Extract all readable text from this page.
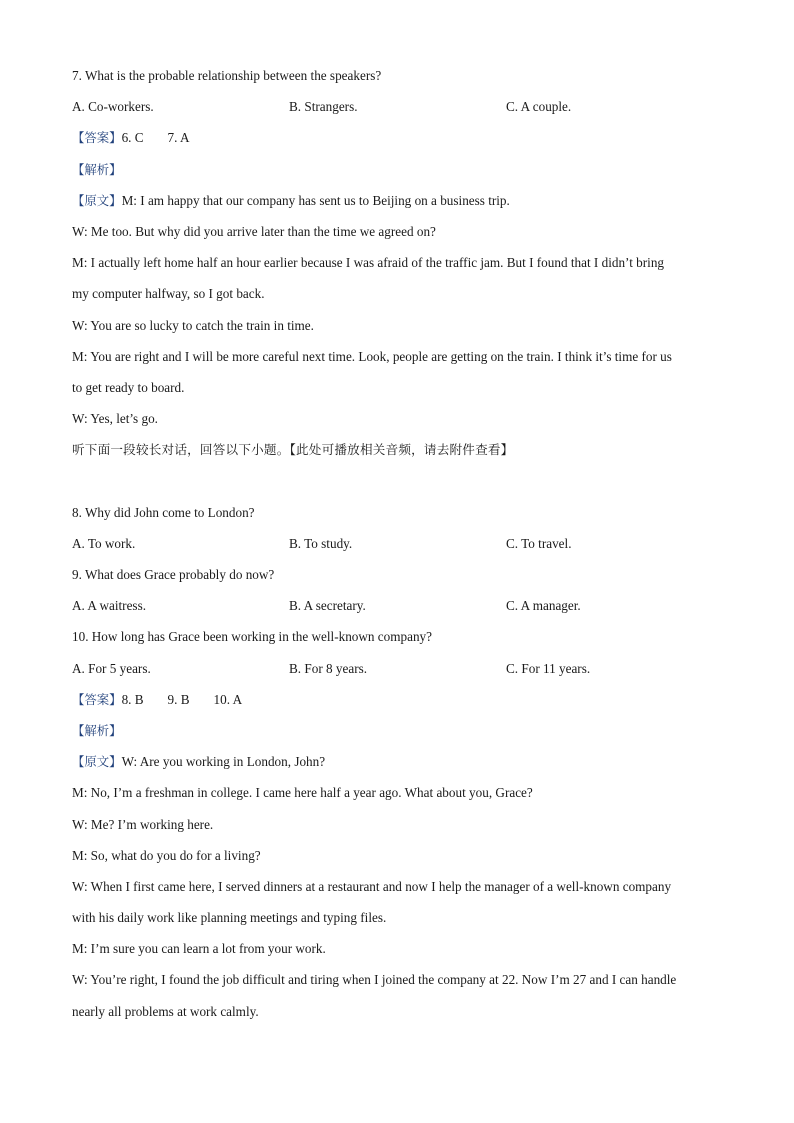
7. What is the probable relationship between the speakers?
A. Co-workers.	B. Strangers.	C. A couple.
【答案】6. C 7. A
【解析】
【原文】M: I am happy that our company has sent us to Beijing on a business trip.
W: Me too. But why did you arrive later than the time we agreed on?
M: I actually left home half an hour earlier because I was afraid of the traffic jam. But I found that I didn’t bring
my computer halfway, so I got back.
W: You are so lucky to catch the train in time.
M: You are right and I will be more careful next time. Look, people are getting on the train. I think it’s time for us
to get ready to board.
W: Yes, let’s go.
听下面一段较长对话，回答以下小题。【此处可播放相关音频，请去附件查看】
8. Why did John come to London?
A. To work.	B. To study.	C. To travel.
9. What does Grace probably do now?
A. A waitress.	B. A secretary.	C. A manager.
10. How long has Grace been working in the well-known company?
A. For 5 years.	B. For 8 years.	C. For 11 years.
【答案】8. B 9. B 10. A
【解析】
【原文】W: Are you working in London, John?
M: No, I’m a freshman in college. I came here half a year ago. What about you, Grace?
W: Me? I’m working here.
M: So, what do you do for a living?
W: When I first came here, I served dinners at a restaurant and now I help the manager of a well-known company
with his daily work like planning meetings and typing files.
M: I’m sure you can learn a lot from your work.
W: You’re right, I found the job difficult and tiring when I joined the company at 22. Now I’m 27 and I can handle
nearly all problems at work calmly.
